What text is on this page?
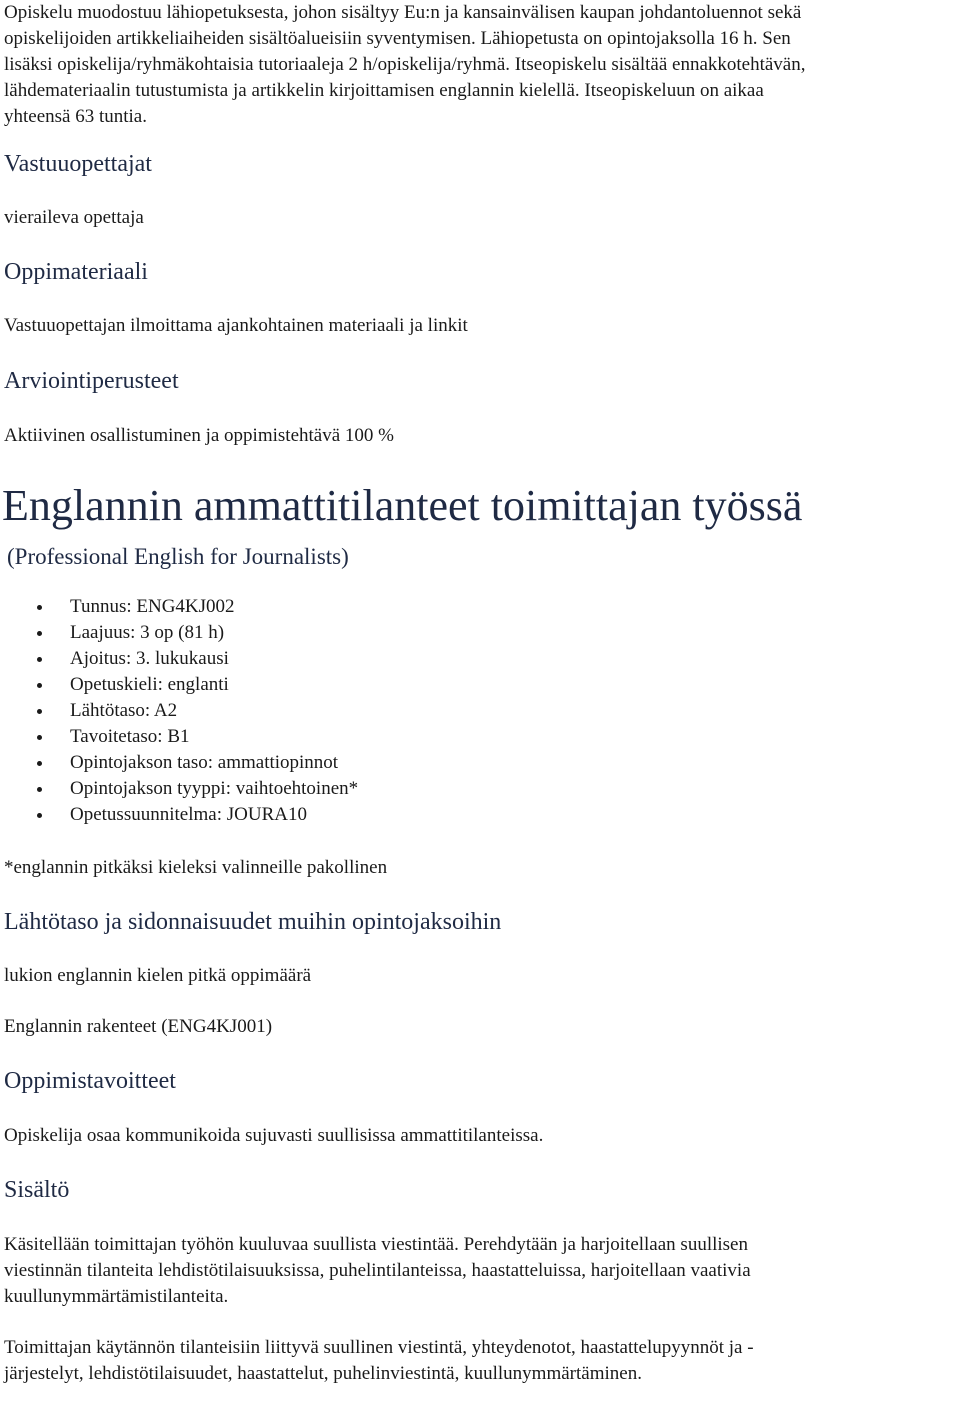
Opiskelu muodostuu lähiopetuksesta, johon sisältyy Eu:n ja kansainvälisen kaupan johdantoluennot sekä
opiskelijoiden artikkeliaiheiden sisältöalueisiin syventymisen. Lähiopetusta on opintojaksolla 16 h. Sen
lisäksi opiskelija/ryhmäkohtaisia tutoriaaleja 2 h/opiskelija/ryhmä. Itseopiskelu sisältää ennakkotehtävän,
lähdemateriaalin tutustumista ja artikkelin kirjoittamisen englannin kielellä. Itseopiskeluun on aikaa
yhteensä 63 tuntia.
Vastuuopettajat

vieraileva opettaja

Oppimateriaali

Vastuuopettajan ilmoittama ajankohtainen materiaali ja linkit

Arviointiperusteet

Aktiivinen osallistuminen ja oppimistehtävä 100 %

Englannin ammattitilanteet toimittajan työssä
(Professional English for Journalists)
Tunnus: ENG4KJ002
Laajuus: 3 op (81 h)
Ajoitus: 3. lukukausi
Opetuskieli: englanti
Lähtötaso: A2
Tavoitetaso: B1
Opintojakson taso: ammattiopinnot
Opintojakson tyyppi: vaihtoehtoinen*
Opetussuunnitelma: JOURA10

*englannin pitkäksi kieleksi valinneille pakollinen

Lähtötaso ja sidonnaisuudet muihin opintojaksoihin

lukion englannin kielen pitkä oppimäärä

Englannin rakenteet (ENG4KJ001)

Oppimistavoitteet

Opiskelija osaa kommunikoida sujuvasti suullisissa ammattitilanteissa.

Sisältö
Käsitellään toimittajan työhön kuuluvaa suullista viestintää. Perehdytään ja harjoitellaan suullisen
viestinnän tilanteita lehdistötilaisuuksissa, puhelintilanteissa, haastatteluissa, harjoitellaan vaativia
kuullunymmärtämistilanteita.
Toimittajan käytännön tilanteisiin liittyvä suullinen viestintä, yhteydenotot, haastattelupyynnöt ja -
järjestelyt, lehdistötilaisuudet, haastattelut, puhelinviestintä, kuullunymmärtäminen.
